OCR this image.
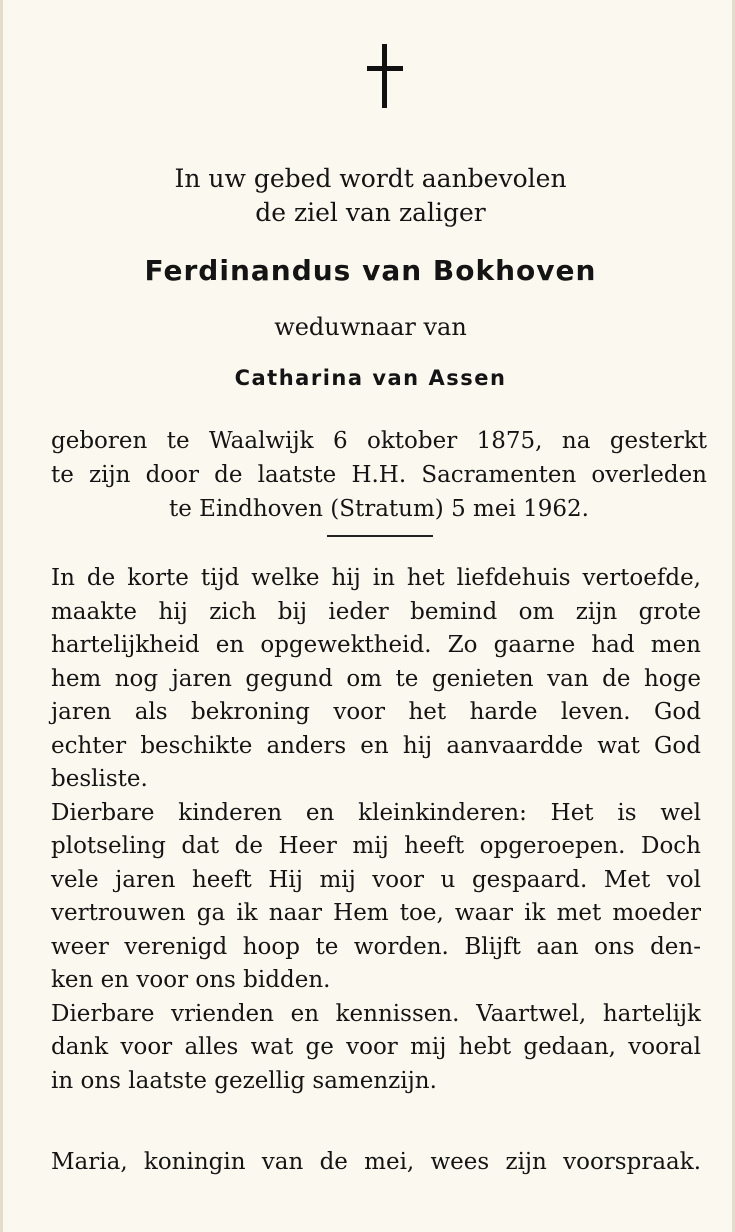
In uw gebed wordt aanbevolen
de ziel van zaliger
Ferdinandus van Bokhoven
weduwnaar van
Catharina van Assen
geboren te Waalwijk 6 oktober 1875, na gesterkt
te zijn door de laatste H.H. Sacramenten overleden
te Eindhoven (Stratum) 5 mei 1962.
In de korte tijd welke hij in het liefdehuis vertoefde,
maakte hij zich bij ieder bemind om zijn grote
hartelijkheid en opgewektheid. Zo gaarne had men
hem nog jaren gegund om te genieten van de hoge
jaren als bekroning voor het harde leven. God
echter beschikte anders en hij aanvaardde wat God
besliste.
Dierbare kinderen en kleinkinderen: Het is wel
plotseling dat de Heer mij heeft opgeroepen. Doch
vele jaren heeft Hij mij voor u gespaard. Met vol
vertrouwen ga ik naar Hem toe, waar ik met moeder
weer verenigd hoop te worden. Blijft aan ons den-
ken en voor ons bidden.
Dierbare vrienden en kennissen. Vaartwel, hartelijk
dank voor alles wat ge voor mij hebt gedaan, vooral
in ons laatste gezellig samenzijn.
Maria, koningin van de mei, wees zijn voorspraak.
